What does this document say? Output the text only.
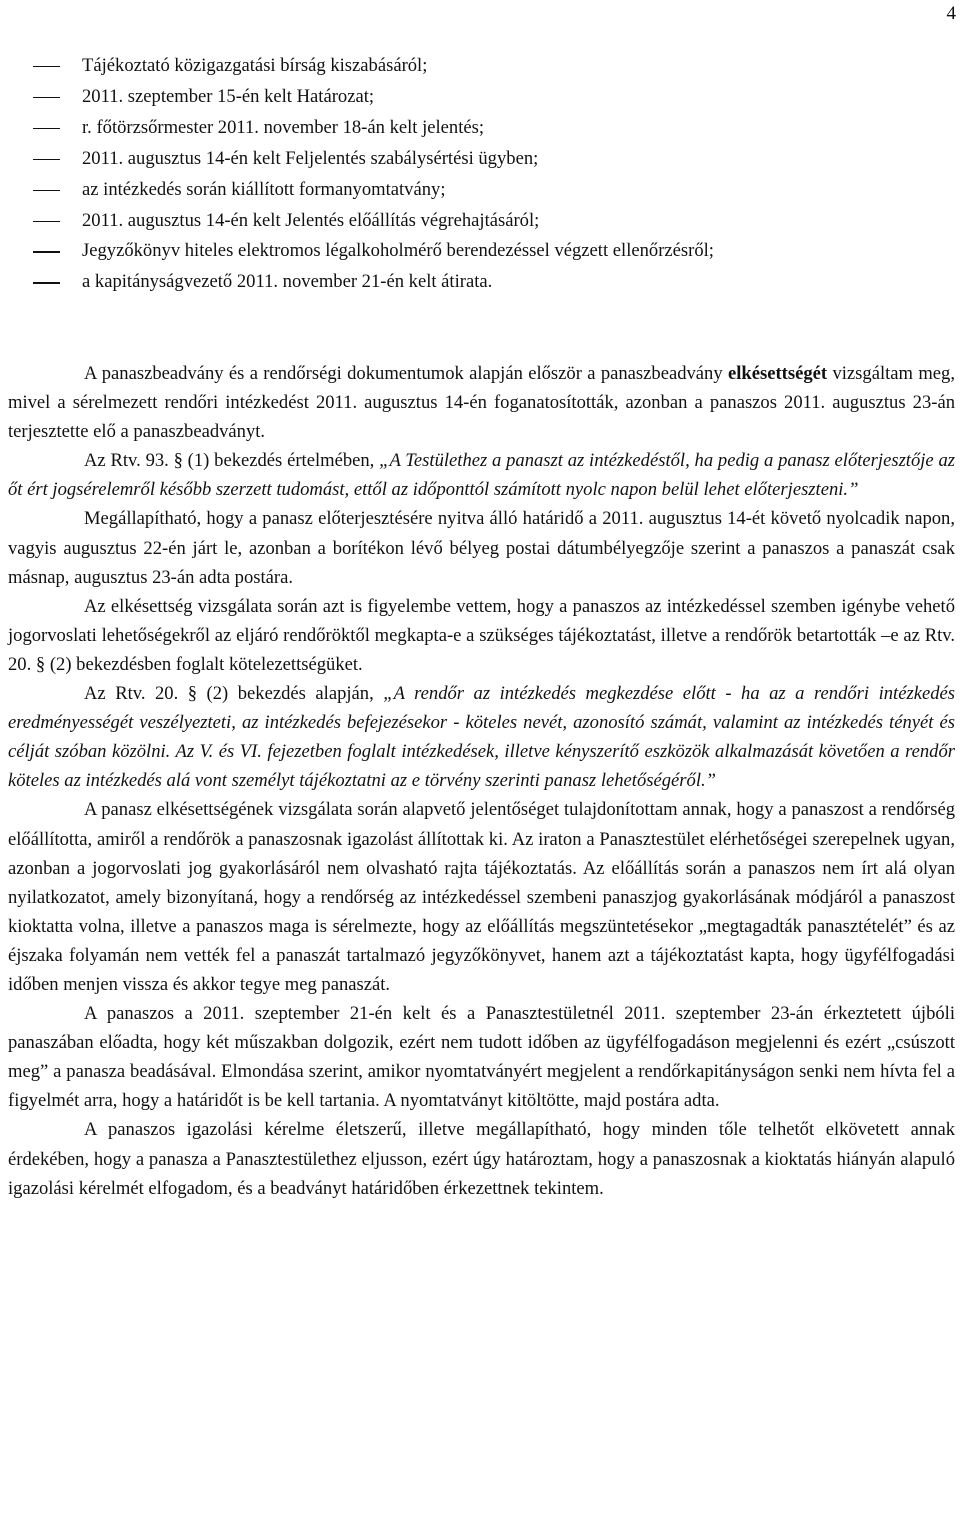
4
Tájékoztató közigazgatási bírság kiszabásáról;
2011. szeptember 15-én kelt Határozat;
r. főtörzsőrmester 2011. november 18-án kelt jelentés;
2011. augusztus 14-én kelt Feljelentés szabálysértési ügyben;
az intézkedés során kiállított formanyomtatvány;
2011. augusztus 14-én kelt Jelentés előállítás végrehajtásáról;
Jegyzőkönyv hiteles elektromos légalkoholmérő berendezéssel végzett ellenőrzésről;
a kapitányságvezető 2011. november 21-én kelt átirata.

A panaszbeadvány és a rendőrségi dokumentumok alapján először a panaszbeadvány elkésettségét vizsgáltam meg, mivel a sérelmezett rendőri intézkedést 2011. augusztus 14-én foganatosították, azonban a panaszos 2011. augusztus 23-án terjesztette elő a panaszbeadványt.

Az Rtv. 93. § (1) bekezdés értelmében, „A Testülethez a panaszt az intézkedéstől, ha pedig a panasz előterjesztője az őt ért jogsérelemről később szerzett tudomást, ettől az időponttól számított nyolc napon belül lehet előterjeszteni.”

Megállapítható, hogy a panasz előterjesztésére nyitva álló határidő a 2011. augusztus 14-ét követő nyolcadik napon, vagyis augusztus 22-én járt le, azonban a borítékon lévő bélyeg postai dátumbélyegzője szerint a panaszos a panaszát csak másnap, augusztus 23-án adta postára.

Az elkésettség vizsgálata során azt is figyelembe vettem, hogy a panaszos az intézkedéssel szemben igénybe vehető jogorvoslati lehetőségekről az eljáró rendőröktől megkapta-e a szükséges tájékoztatást, illetve a rendőrök betartották –e az Rtv. 20. § (2) bekezdésben foglalt kötelezettségüket.

Az Rtv. 20. § (2) bekezdés alapján, „A rendőr az intézkedés megkezdése előtt - ha az a rendőri intézkedés eredményességét veszélyezteti, az intézkedés befejezésekor - köteles nevét, azonosító számát, valamint az intézkedés tényét és célját szóban közölni. Az V. és VI. fejezetben foglalt intézkedések, illetve kényszerítő eszközök alkalmazását követően a rendőr köteles az intézkedés alá vont személyt tájékoztatni az e törvény szerinti panasz lehetőségéről.”

A panasz elkésettségének vizsgálata során alapvető jelentőséget tulajdonítottam annak, hogy a panaszost a rendőrség előállította, amiről a rendőrök a panaszosnak igazolást állítottak ki. Az iraton a Panasztestület elérhetőségei szerepelnek ugyan, azonban a jogorvoslati jog gyakorlásáról nem olvasható rajta tájékoztatás. Az előállítás során a panaszos nem írt alá olyan nyilatkozatot, amely bizonyítaná, hogy a rendőrség az intézkedéssel szembeni panaszjog gyakorlásának módjáról a panaszost kioktatta volna, illetve a panaszos maga is sérelmezte, hogy az előállítás megszüntetésekor „megtagadták panasztételét” és az éjszaka folyamán nem vették fel a panaszát tartalmazó jegyzőkönyvet, hanem azt a tájékoztatást kapta, hogy ügyfélfogadási időben menjen vissza és akkor tegye meg panaszát.

A panaszos a 2011. szeptember 21-én kelt és a Panasztestületnél 2011. szeptember 23-án érkeztetett újbóli panaszában előadta, hogy két műszakban dolgozik, ezért nem tudott időben az ügyfélfogadáson megjelenni és ezért „csúszott meg” a panasza beadásával. Elmondása szerint, amikor nyomtatványért megjelent a rendőrkapitányságon senki nem hívta fel a figyelmét arra, hogy a határidőt is be kell tartania. A nyomtatványt kitöltötte, majd postára adta.

A panaszos igazolási kérelme életszerű, illetve megállapítható, hogy minden tőle telhetőt elkövetett annak érdekében, hogy a panasza a Panasztestülethez eljusson, ezért úgy határoztam, hogy a panaszosnak a kioktatás hiányán alapuló igazolási kérelmét elfogadom, és a beadványt határidőben érkezettnek tekintem.
